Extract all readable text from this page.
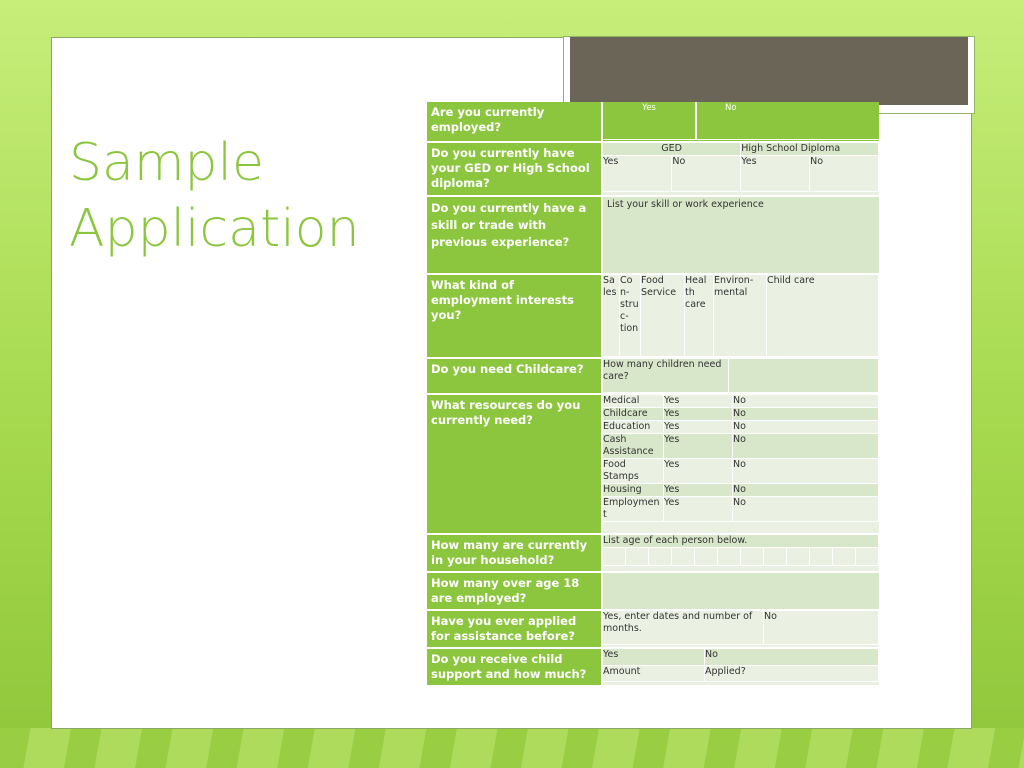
Sample
Application
Are you currently employed?	
Yes	No

Do you currently have your GED or High School diploma?	
GED	High School Diploma
Yes	No	Yes	No

Do you currently have a skill or trade with previous experience?	List your skill or work experience
What kind of employment interests you?	
Sa les	Co n- stru c- tion	Food Service	Heal th care	Environ- mental	Child care

Do you need Childcare?	How many children need care?	

What resources do you currently need?	
Medical	Yes	No
Childcare	Yes	No
Education	Yes	No
Cash Assistance	Yes	No
Food Stamps	Yes	No
Housing	Yes	No
Employment	Yes	No

How many are currently in your household?	
List age of each person below.

How many over age 18 are employed?	
Have you ever applied for assistance before?	
Yes, enter dates and number of months.	No

Do you receive child support and how much?	
Yes	No
Amount	Applied?
